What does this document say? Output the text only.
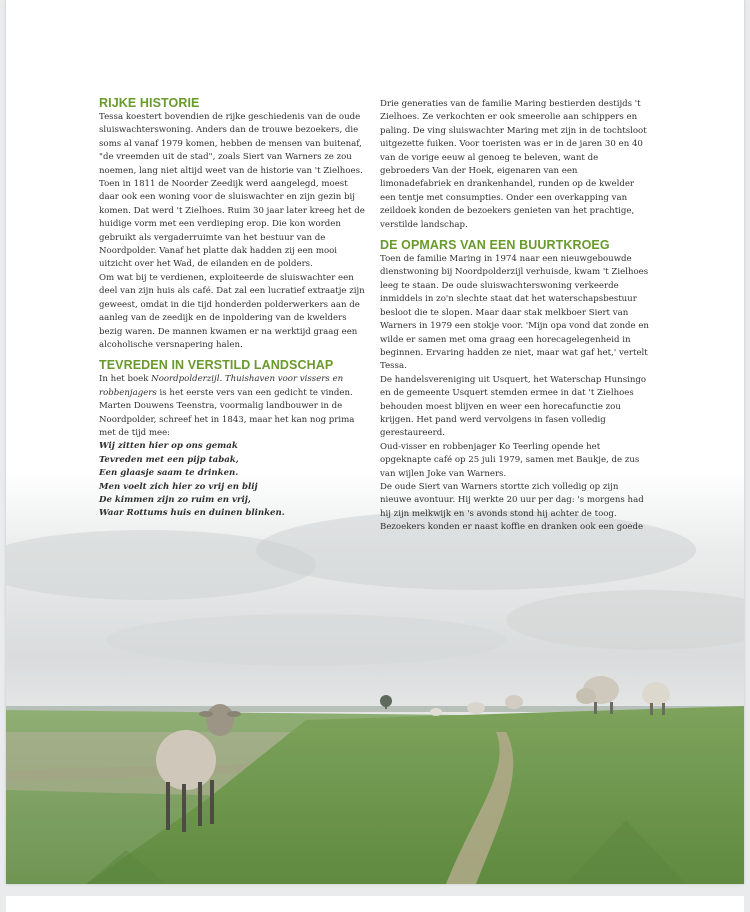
RIJKE HISTORIE

Tessa koestert bovendien de rijke geschiedenis van de oude sluiswachterswoning. Anders dan de trouwe bezoekers, die soms al vanaf 1979 komen, hebben de mensen van buitenaf, "de vreemden uit de stad", zoals Siert van Warners ze zou noemen, lang niet altijd weet van de historie van 't Zielhoes. Toen in 1811 de Noorder Zeedijk werd aangelegd, moest daar ook een woning voor de sluiswachter en zijn gezin bij komen. Dat werd 't Zielhoes. Ruim 30 jaar later kreeg het de huidige vorm met een verdieping erop. Die kon worden gebruikt als vergaderruimte van het bestuur van de Noordpolder. Vanaf het platte dak hadden zij een mooi uitzicht over het Wad, de eilanden en de polders.

Om wat bij te verdienen, exploiteerde de sluiswachter een deel van zijn huis als café. Dat zal een lucratief extraatje zijn geweest, omdat in die tijd honderden polderwerkers aan de aanleg van de zeedijk en de inpoldering van de kwelders bezig waren. De mannen kwamen er na werktijd graag een alcoholische versnapering halen.

TEVREDEN IN VERSTILD LANDSCHAP

In het boek Noordpolderzijl. Thuishaven voor vissers en robbenjagers is het eerste vers van een gedicht te vinden. Marten Douwens Teenstra, voormalig landbouwer in de Noordpolder, schreef het in 1843, maar het kan nog prima met de tijd mee:

Wij zitten hier op ons gemak

Tevreden met een pijp tabak,

Een glaasje saam te drinken.

Men voelt zich hier zo vrij en blij

De kimmen zijn zo ruim en vrij,

Waar Rottums huis en duinen blinken.

Drie generaties van de familie Maring bestierden destijds 't Zielhoes. Ze verkochten er ook smeerolie aan schippers en paling. De ving sluiswachter Maring met zijn in de tochtsloot uitgezette fuiken. Voor toeristen was er in de jaren 30 en 40 van de vorige eeuw al genoeg te beleven, want de gebroeders Van der Hoek, eigenaren van een limonadefabriek en drankenhandel, runden op de kwelder een tentje met consumpties. Onder een overkapping van zeildoek konden de bezoekers genieten van het prachtige, verstilde landschap.

DE OPMARS VAN EEN BUURTKROEG

Toen de familie Maring in 1974 naar een nieuwgebouwde dienstwoning bij Noordpolderzijl verhuisde, kwam 't Zielhoes leeg te staan. De oude sluiswachterswoning verkeerde inmiddels in zo'n slechte staat dat het waterschapsbestuur besloot die te slopen. Maar daar stak melkboer Siert van Warners in 1979 een stokje voor. 'Mijn opa vond dat zonde en wilde er samen met oma graag een horecagelegenheid in beginnen. Ervaring hadden ze niet, maar wat gaf het,' vertelt Tessa.

De handelsvereniging uit Usquert, het Waterschap Hunsingo en de gemeente Usquert stemden ermee in dat 't Zielhoes behouden moest blijven en weer een horecafunctie zou krijgen. Het pand werd vervolgens in fasen volledig gerestaureerd.

Oud-visser en robbenjager Ko Teerling opende het opgeknapte café op 25 juli 1979, samen met Baukje, de zus van wijlen Joke van Warners.

De oude Siert van Warners stortte zich volledig op zijn nieuwe avontuur. Hij werkte 20 uur per dag: 's morgens had hij zijn melkwijk en 's avonds stond hij achter de toog. Bezoekers konden er naast koffie en dranken ook een goede
